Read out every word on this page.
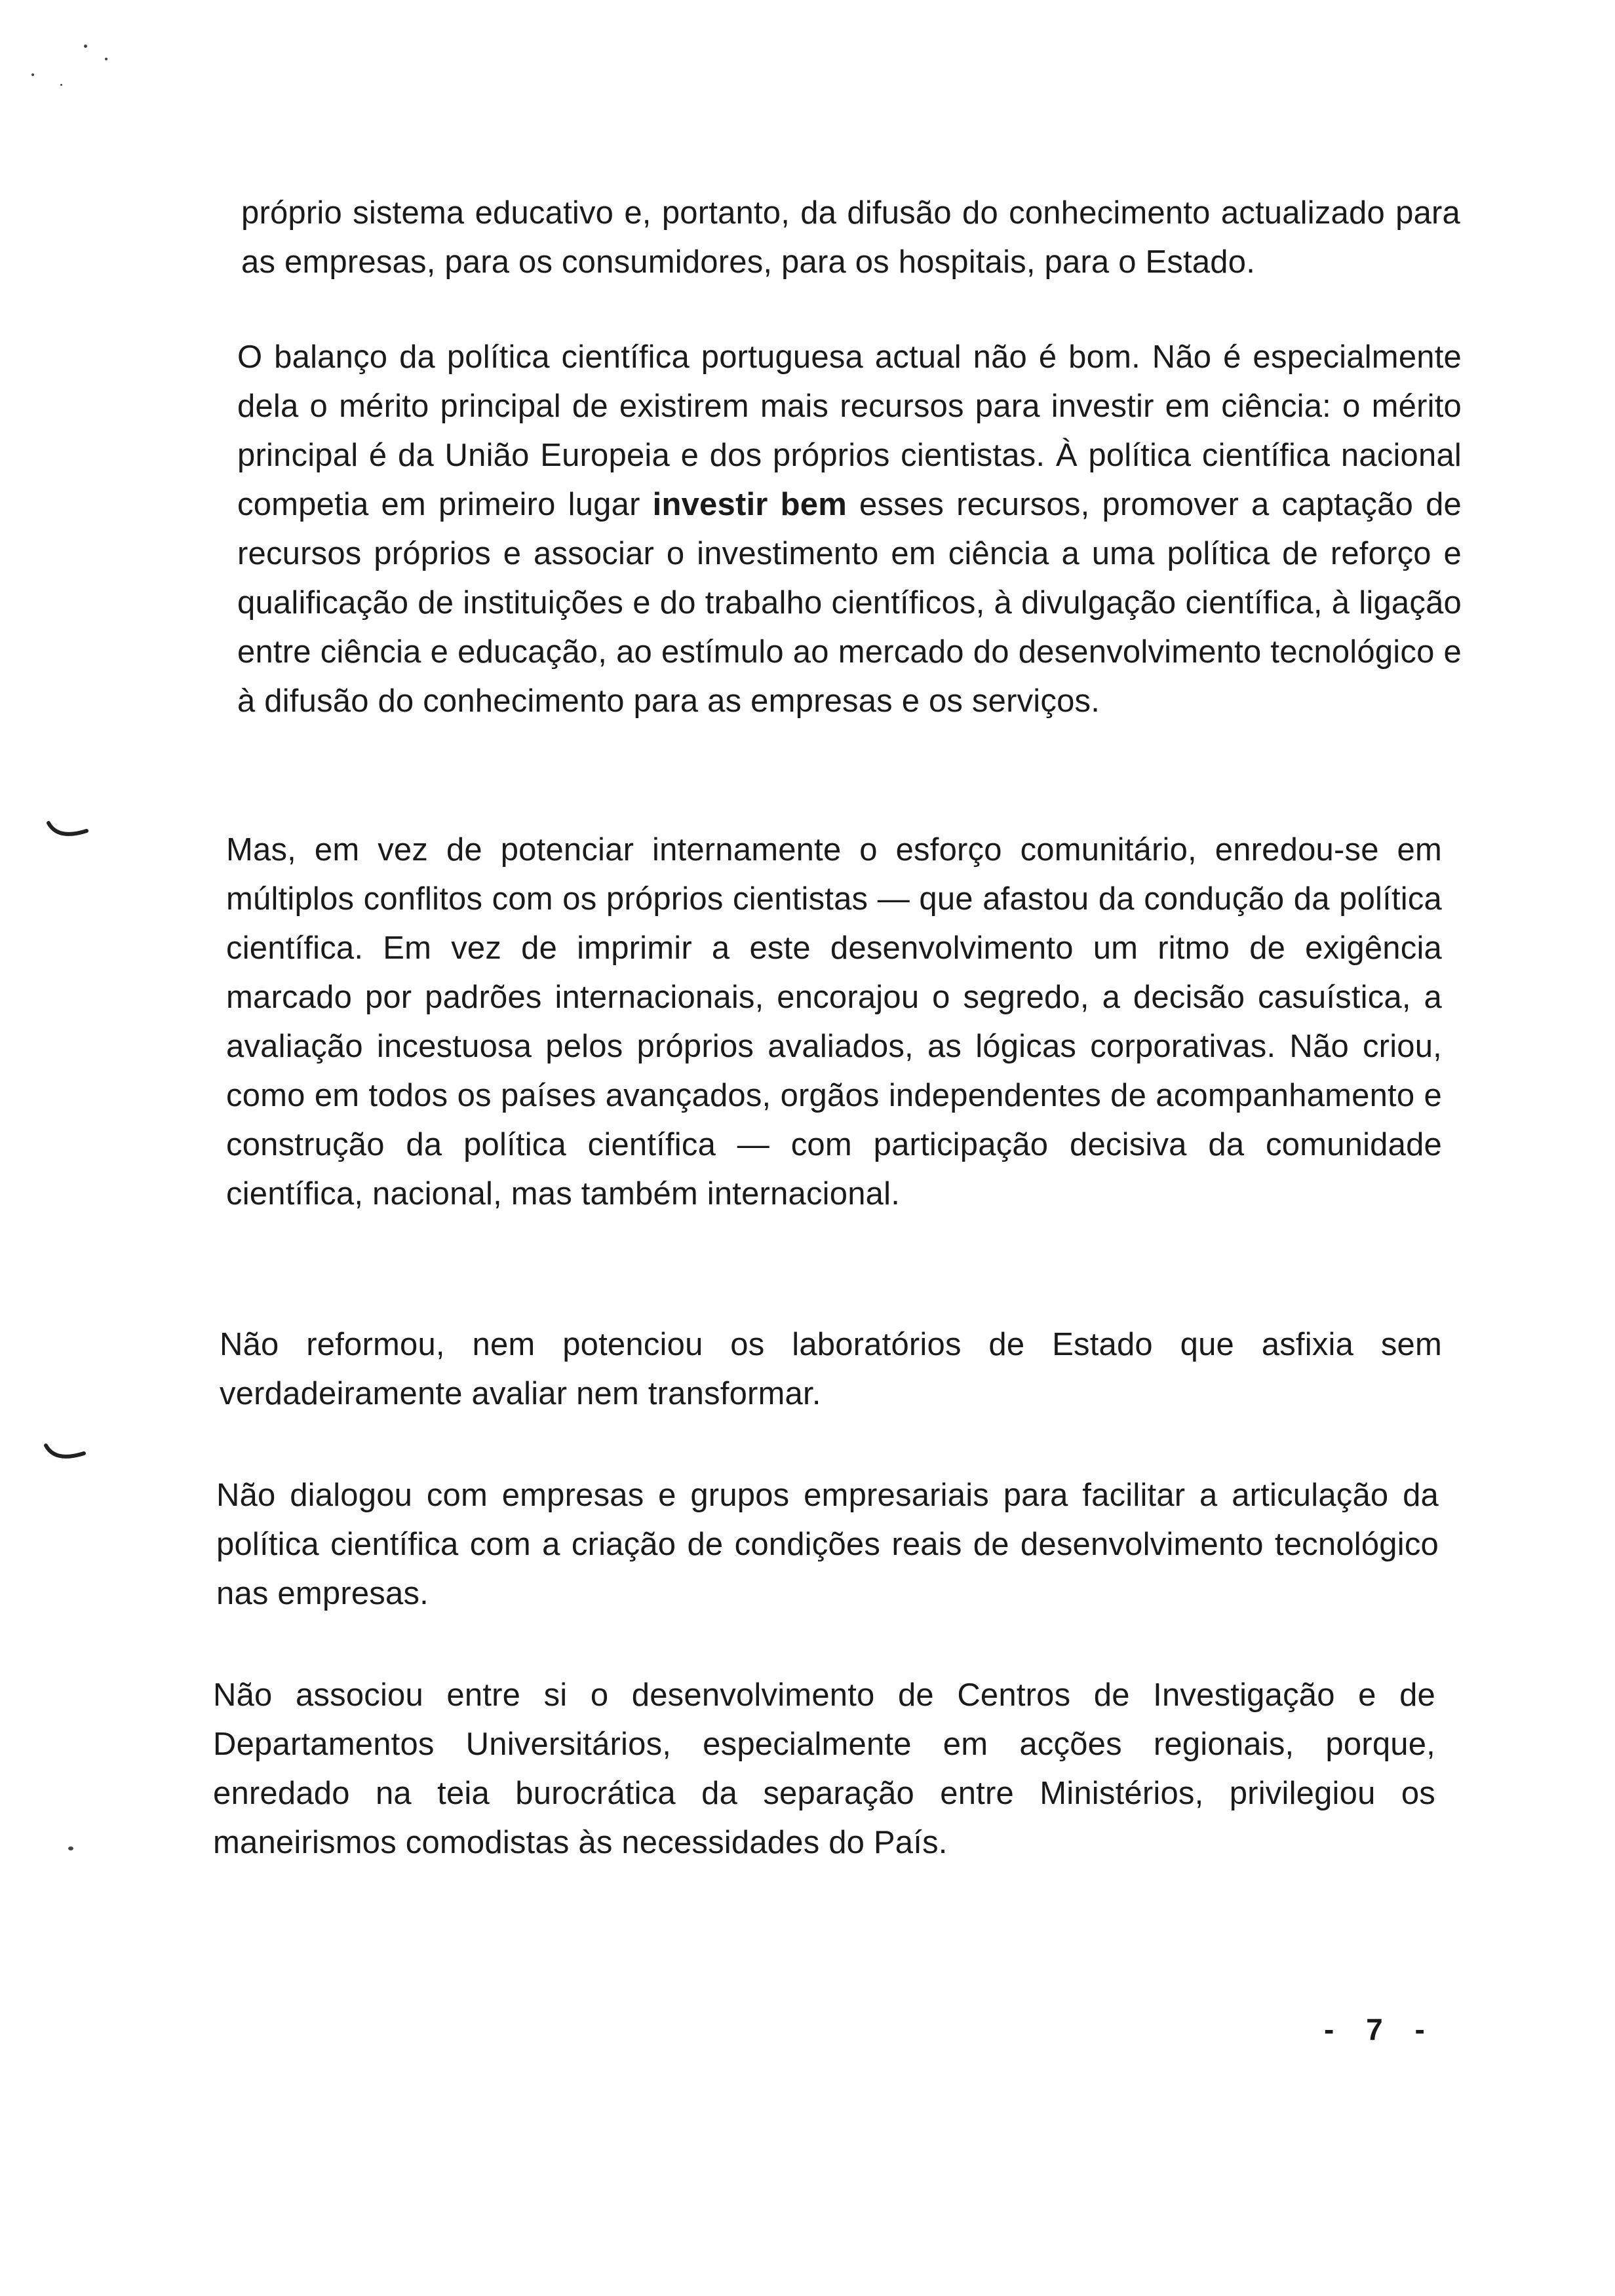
próprio sistema educativo e, portanto, da difusão do conhecimento actualizado para as empresas, para os consumidores, para os hospitais, para o Estado.

O balanço da política científica portuguesa actual não é bom. Não é especialmente dela o mérito principal de existirem mais recursos para investir em ciência: o mérito principal é da União Europeia e dos próprios cientistas. À política científica nacional competia em primeiro lugar investir bem esses recursos, promover a captação de recursos próprios e associar o investimento em ciência a uma política de reforço e qualificação de instituições e do trabalho científicos, à divulgação científica, à ligação entre ciência e educação, ao estímulo ao mercado do desenvolvimento tecnológico e à difusão do conhecimento para as empresas e os serviços.

Mas, em vez de potenciar internamente o esforço comunitário, enredou-se em múltiplos conflitos com os próprios cientistas — que afastou da condução da política científica. Em vez de imprimir a este desenvolvimento um ritmo de exigência marcado por padrões internacionais, encorajou o segredo, a decisão casuística, a avaliação incestuosa pelos próprios avaliados, as lógicas corporativas. Não criou, como em todos os países avançados, orgãos independentes de acompanhamento e construção da política científica — com participação decisiva da comunidade científica, nacional, mas também internacional.

Não reformou, nem potenciou os laboratórios de Estado que asfixia sem verdadeiramente avaliar nem transformar.

Não dialogou com empresas e grupos empresariais para facilitar a articulação da política científica com a criação de condições reais de desenvolvimento tecnológico nas empresas.

Não associou entre si o desenvolvimento de Centros de Investigação e de Departamentos Universitários, especialmente em acções regionais, porque, enredado na teia burocrática da separação entre Ministérios, privilegiou os maneirismos comodistas às necessidades do País.

- 7 -
